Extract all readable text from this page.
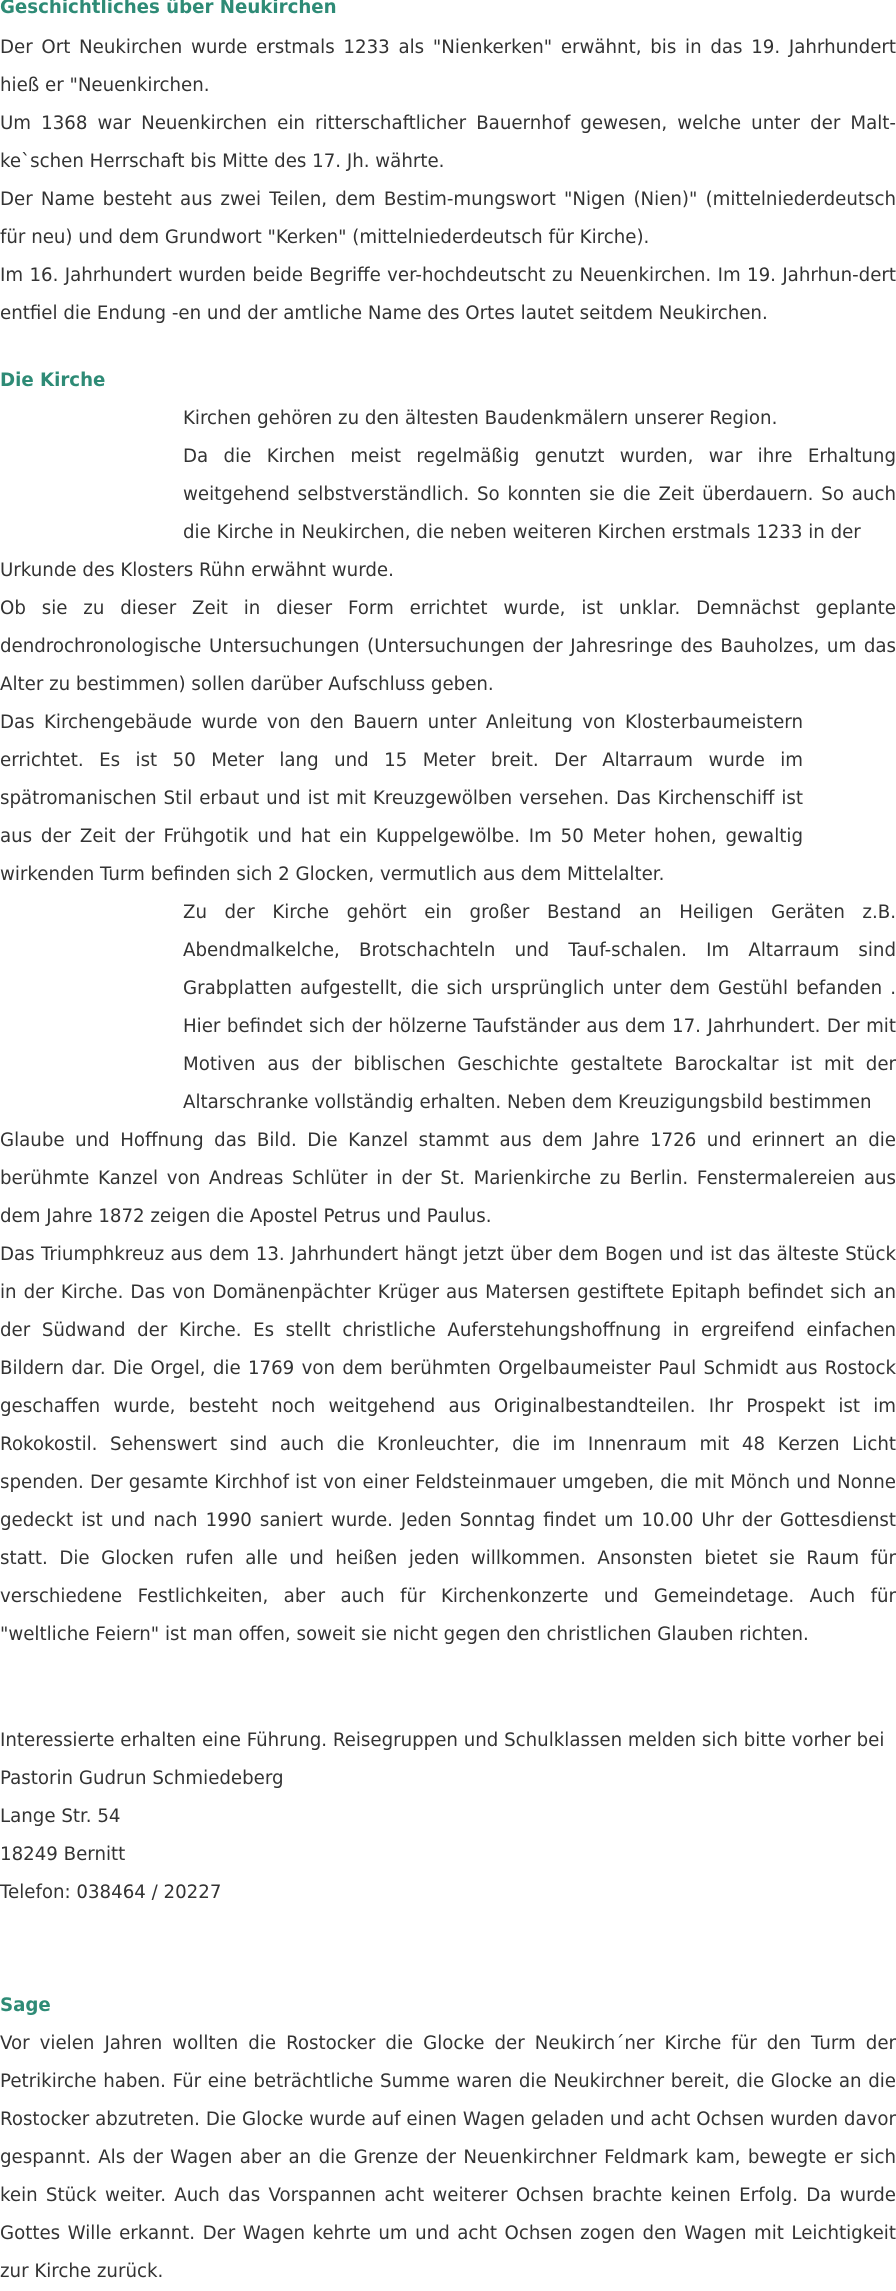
Geschichtliches über Neukirchen

Der Ort Neukirchen wurde erstmals 1233 als "Nienkerken" erwähnt, bis in das 19. Jahrhundert hieß er "Neuenkirchen.

Um 1368 war Neuenkirchen ein ritterschaftlicher Bauernhof gewesen, welche unter der Malt-ke`schen Herrschaft bis Mitte des 17. Jh. währte.

Der Name besteht aus zwei Teilen, dem Bestim-mungswort "Nigen (Nien)" (mittelniederdeutsch für neu) und dem Grundwort "Kerken" (mittelniederdeutsch für Kirche).

Im 16. Jahrhundert wurden beide Begriffe ver-hochdeutscht zu Neuenkirchen. Im 19. Jahrhun-dert entfiel die Endung -en und der amtliche Name des Ortes lautet seitdem Neukirchen.

Die Kirche

Kirchen gehören zu den ältesten Baudenkmälern unserer Region.

Da die Kirchen meist regelmäßig genutzt wurden, war ihre Erhaltung weitgehend selbstverständlich. So konnten sie die Zeit überdauern. So auch die Kirche in Neukirchen, die neben weiteren Kirchen erstmals 1233 in der

Urkunde des Klosters Rühn erwähnt wurde.

Ob sie zu dieser Zeit in dieser Form errichtet wurde, ist unklar. Demnächst geplante dendrochronologische Untersuchungen (Untersuchungen der Jahresringe des Bauholzes, um das Alter zu bestimmen) sollen darüber Aufschluss geben.

Das Kirchengebäude wurde von den Bauern unter Anleitung von Klosterbaumeistern errichtet. Es ist 50 Meter lang und 15 Meter breit. Der Altarraum wurde im spätromanischen Stil erbaut und ist mit Kreuzgewölben versehen. Das Kirchenschiff ist aus der Zeit der Frühgotik und hat ein Kuppelgewölbe. Im 50 Meter hohen, gewaltig wirkenden Turm befinden sich 2 Glocken, vermutlich aus dem Mittelalter.

Zu der Kirche gehört ein großer Bestand an Heiligen Geräten z.B. Abendmalkelche, Brotschachteln und Tauf-schalen. Im Altarraum sind Grabplatten aufgestellt, die sich ursprünglich unter dem Gestühl befanden . Hier befindet sich der hölzerne Taufständer aus dem 17. Jahrhundert. Der mit Motiven aus der biblischen Geschichte gestaltete Barockaltar ist mit der Altarschranke vollständig erhalten. Neben dem Kreuzigungsbild bestimmen

Glaube und Hoffnung das Bild. Die Kanzel stammt aus dem Jahre 1726 und erinnert an die berühmte Kanzel von Andreas Schlüter in der St. Marienkirche zu Berlin. Fenstermalereien aus dem Jahre 1872 zeigen die Apostel Petrus und Paulus.

Das Triumphkreuz aus dem 13. Jahrhundert hängt jetzt über dem Bogen und ist das älteste Stück in der Kirche. Das von Domänenpächter Krüger aus Matersen gestiftete Epitaph befindet sich an der Südwand der Kirche. Es stellt christliche Auferstehungshoffnung in ergreifend einfachen Bildern dar. Die Orgel, die 1769 von dem berühmten Orgelbaumeister Paul Schmidt aus Rostock geschaffen wurde, besteht noch weitgehend aus Originalbestandteilen. Ihr Prospekt ist im Rokokostil. Sehenswert sind auch die Kronleuchter, die im Innenraum mit 48 Kerzen Licht spenden. Der gesamte Kirchhof ist von einer Feldsteinmauer umgeben, die mit Mönch und Nonne gedeckt ist und nach 1990 saniert wurde. Jeden Sonntag findet um 10.00 Uhr der Gottesdienst statt. Die Glocken rufen alle und heißen jeden willkommen. Ansonsten bietet sie Raum für verschiedene Festlichkeiten, aber auch für Kirchenkonzerte und Gemeindetage. Auch für "weltliche Feiern" ist man offen, soweit sie nicht gegen den christlichen Glauben richten.

Interessierte erhalten eine Führung. Reisegruppen und Schulklassen melden sich bitte vorher bei

Pastorin Gudrun Schmiedeberg

Lange Str. 54

18249 Bernitt

Telefon: 038464 / 20227

Sage

Vor vielen Jahren wollten die Rostocker die Glocke der Neukirch´ner Kirche für den Turm der Petrikirche haben. Für eine beträchtliche Summe waren die Neukirchner bereit, die Glocke an die Rostocker abzutreten. Die Glocke wurde auf einen Wagen geladen und acht Ochsen wurden davor gespannt. Als der Wagen aber an die Grenze der Neuenkirchner Feldmark kam, bewegte er sich kein Stück weiter. Auch das Vorspannen acht weiterer Ochsen brachte keinen Erfolg. Da wurde Gottes Wille erkannt. Der Wagen kehrte um und acht Ochsen zogen den Wagen mit Leichtigkeit zur Kirche zurück.
